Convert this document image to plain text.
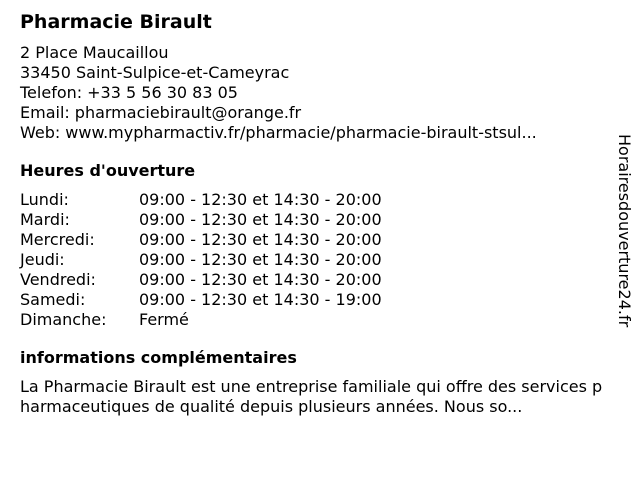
Pharmacie Birault
2 Place Maucaillou
33450 Saint-Sulpice-et-Cameyrac
Telefon: +33 5 56 30 83 05
Email: pharmaciebirault@orange.fr
Web: www.mypharmactiv.fr/pharmacie/pharmacie-birault-stsul...
Heures d'ouverture
Lundi:	09:00 - 12:30 et 14:30 - 20:00
Mardi:	09:00 - 12:30 et 14:30 - 20:00
Mercredi:	09:00 - 12:30 et 14:30 - 20:00
Jeudi:	09:00 - 12:30 et 14:30 - 20:00
Vendredi:	09:00 - 12:30 et 14:30 - 20:00
Samedi:	09:00 - 12:30 et 14:30 - 19:00
Dimanche:	Fermé
informations complémentaires
La Pharmacie Birault est une entreprise familiale qui offre des services pharmaceutiques de qualité depuis plusieurs années. Nous so...
Horairesdouverture24.fr
